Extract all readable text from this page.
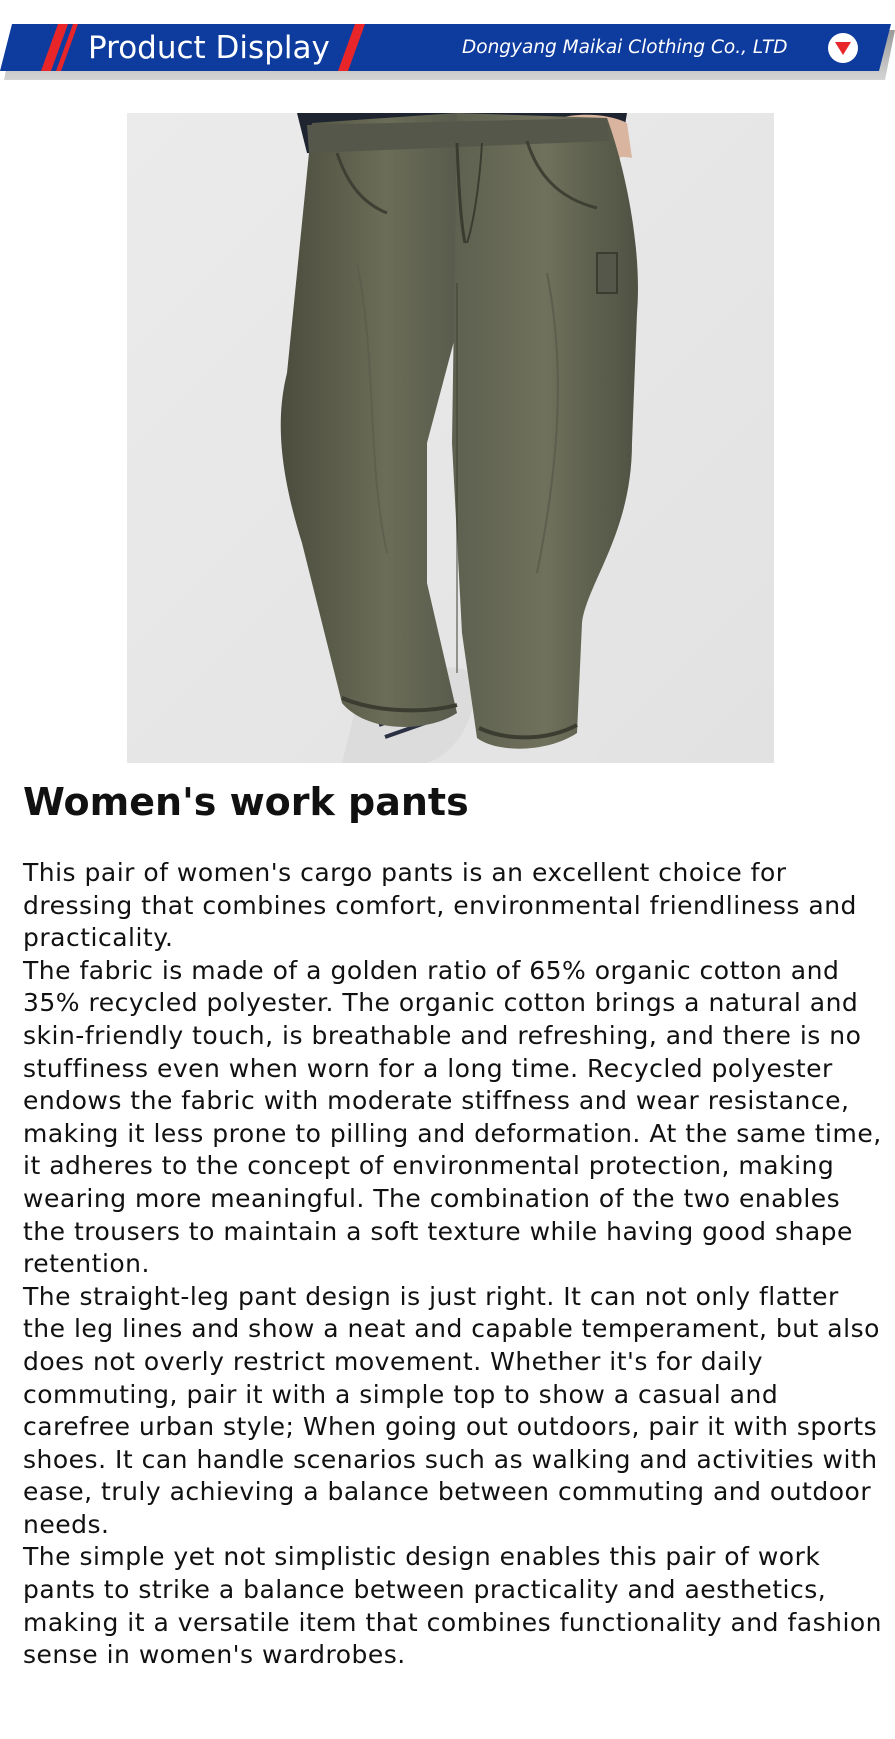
Product Display	Dongyang Maikai Clothing Co., LTD
Women's work pants

This pair of women's cargo pants is an excellent choice for dressing that combines comfort, environmental friendliness and practicality.

The fabric is made of a golden ratio of 65% organic cotton and 35% recycled polyester. The organic cotton brings a natural and skin-friendly touch, is breathable and refreshing, and there is no stuffiness even when worn for a long time. Recycled polyester endows the fabric with moderate stiffness and wear resistance, making it less prone to pilling and deformation. At the same time, it adheres to the concept of environmental protection, making wearing more meaningful. The combination of the two enables the trousers to maintain a soft texture while having good shape retention.

The straight-leg pant design is just right. It can not only flatter the leg lines and show a neat and capable temperament, but also does not overly restrict movement. Whether it's for daily commuting, pair it with a simple top to show a casual and carefree urban style; When going out outdoors, pair it with sports shoes. It can handle scenarios such as walking and activities with ease, truly achieving a balance between commuting and outdoor needs.

The simple yet not simplistic design enables this pair of work pants to strike a balance between practicality and aesthetics, making it a versatile item that combines functionality and fashion sense in women's wardrobes.
